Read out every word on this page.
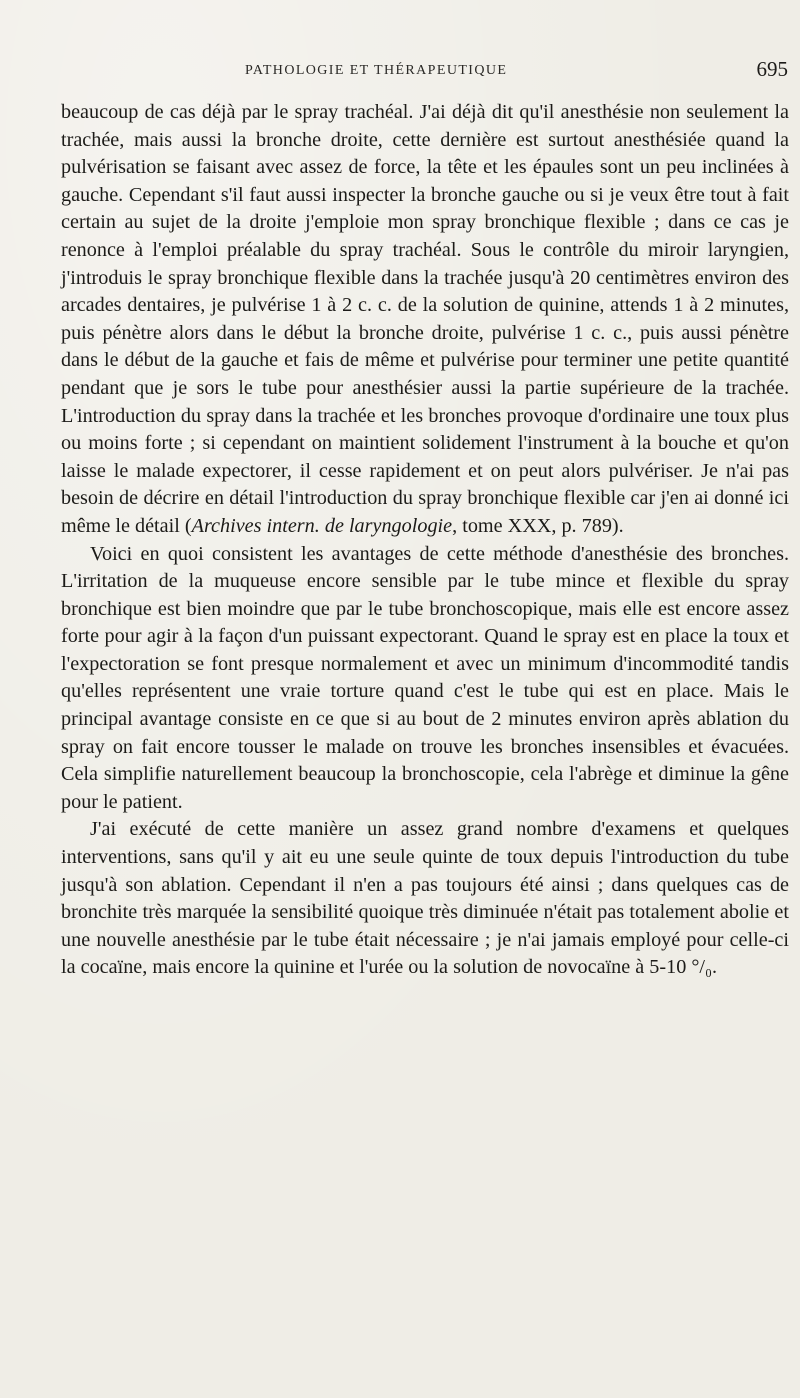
PATHOLOGIE ET THÉRAPEUTIQUE	695

beaucoup de cas déjà par le spray trachéal. J'ai déjà dit qu'il anesthésie non seulement la trachée, mais aussi la bronche droite, cette dernière est surtout anesthésiée quand la pulvérisation se faisant avec assez de force, la tête et les épaules sont un peu inclinées à gauche. Cependant s'il faut aussi inspecter la bronche gauche ou si je veux être tout à fait certain au sujet de la droite j'emploie mon spray bronchique flexible ; dans ce cas je renonce à l'emploi préalable du spray trachéal. Sous le contrôle du miroir laryngien, j'introduis le spray bronchique flexible dans la trachée jusqu'à 20 centimètres environ des arcades dentaires, je pulvérise 1 à 2 c. c. de la solution de quinine, attends 1 à 2 minutes, puis pénètre alors dans le début la bronche droite, pulvérise 1 c. c., puis aussi pénètre dans le début de la gauche et fais de même et pulvérise pour terminer une petite quantité pendant que je sors le tube pour anesthésier aussi la partie supérieure de la trachée. L'introduction du spray dans la trachée et les bronches provoque d'ordinaire une toux plus ou moins forte ; si cependant on maintient solidement l'instrument à la bouche et qu'on laisse le malade expectorer, il cesse rapidement et on peut alors pulvériser. Je n'ai pas besoin de décrire en détail l'introduction du spray bronchique flexible car j'en ai donné ici même le détail (Archives intern. de laryngologie, tome XXX, p. 789).

Voici en quoi consistent les avantages de cette méthode d'anesthésie des bronches. L'irritation de la muqueuse encore sensible par le tube mince et flexible du spray bronchique est bien moindre que par le tube bronchoscopique, mais elle est encore assez forte pour agir à la façon d'un puissant expectorant. Quand le spray est en place la toux et l'expectoration se font presque normalement et avec un minimum d'incommodité tandis qu'elles représentent une vraie torture quand c'est le tube qui est en place. Mais le principal avantage consiste en ce que si au bout de 2 minutes environ après ablation du spray on fait encore tousser le malade on trouve les bronches insensibles et évacuées. Cela simplifie naturellement beaucoup la bronchoscopie, cela l'abrège et diminue la gêne pour le patient.

J'ai exécuté de cette manière un assez grand nombre d'examens et quelques interventions, sans qu'il y ait eu une seule quinte de toux depuis l'introduction du tube jusqu'à son ablation. Cependant il n'en a pas toujours été ainsi ; dans quelques cas de bronchite très marquée la sensibilité quoique très diminuée n'était pas totalement abolie et une nouvelle anesthésie par le tube était nécessaire ; je n'ai jamais employé pour celle-ci la cocaïne, mais encore la quinine et l'urée ou la solution de novocaïne à 5-10 °/₀.
